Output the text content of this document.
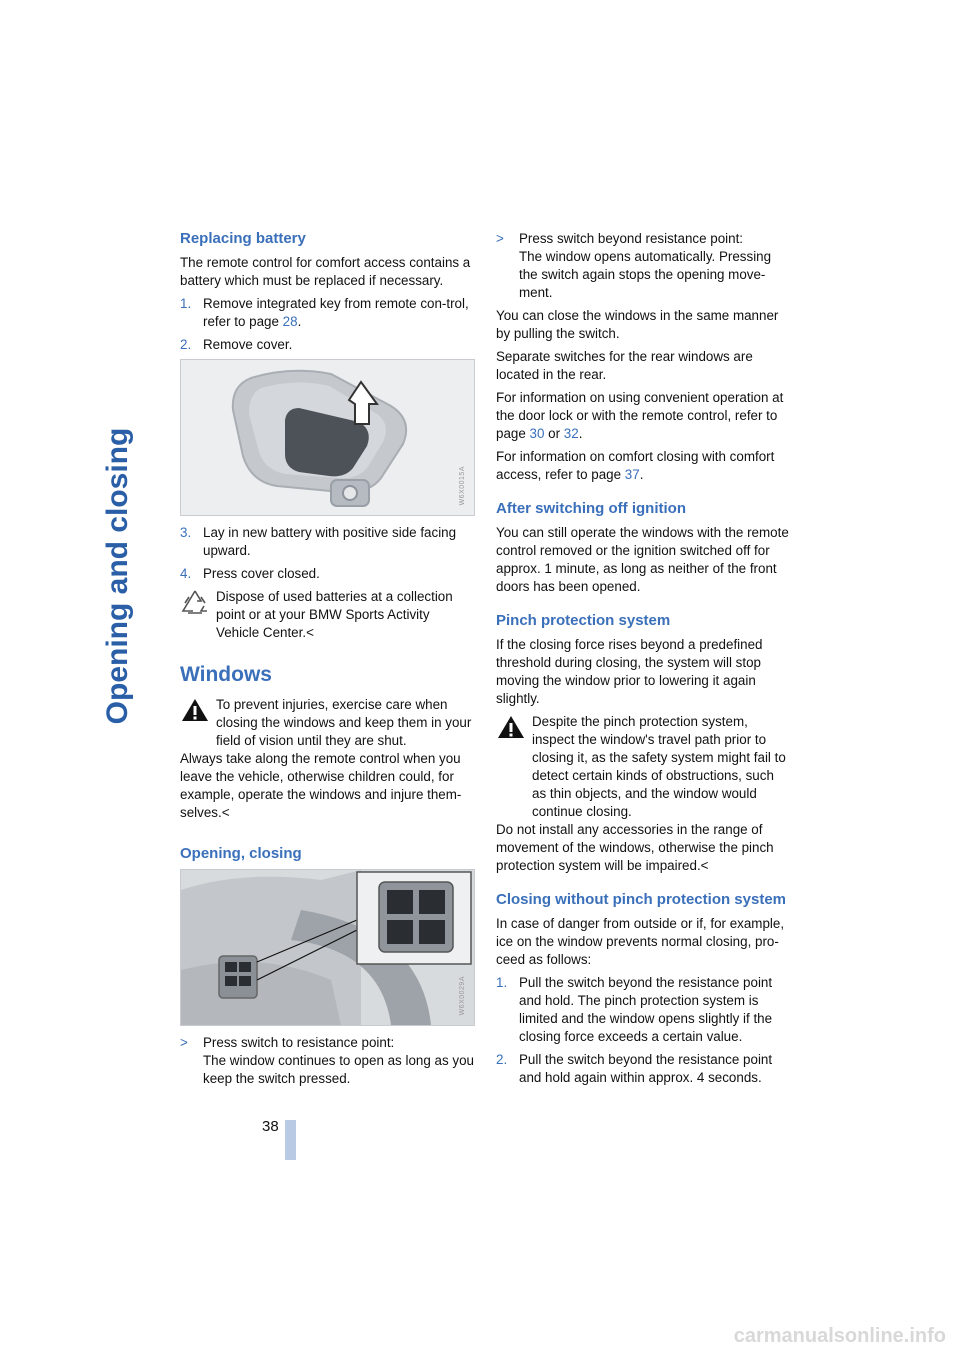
Opening and closing
Replacing battery

The remote control for comfort access contains a battery which must be replaced if necessary.

1. Remove integrated key from remote con-trol, refer to page 28.
2. Remove cover.
W6X0015A
3. Lay in new battery with positive side facing upward.
4. Press cover closed.
Dispose of used batteries at a collection point or at your BMW Sports Activity Vehicle Center.<
Windows
To prevent injuries, exercise care when closing the windows and keep them in your field of vision until they are shut.
Always take along the remote control when you leave the vehicle, otherwise children could, for example, operate the windows and injure them-selves.<
Opening, closing
W6X0029A
> Press switch to resistance point:
The window continues to open as long as you keep the switch pressed.
> Press switch beyond resistance point:
The window opens automatically. Pressing the switch again stops the opening move-ment.

You can close the windows in the same manner by pulling the switch.

Separate switches for the rear windows are located in the rear.

For information on using convenient operation at the door lock or with the remote control, refer to page 30 or 32.

For information on comfort closing with comfort access, refer to page 37.

After switching off ignition

You can still operate the windows with the remote control removed or the ignition switched off for approx. 1 minute, as long as neither of the front doors has been opened.

Pinch protection system

If the closing force rises beyond a predefined threshold during closing, the system will stop moving the window prior to lowering it again slightly.

Despite the pinch protection system, inspect the window's travel path prior to closing it, as the safety system might fail to detect certain kinds of obstructions, such as thin objects, and the window would continue closing.
Do not install any accessories in the range of movement of the windows, otherwise the pinch protection system will be impaired.<
Closing without pinch protection system

In case of danger from outside or if, for example, ice on the window prevents normal closing, pro-ceed as follows:

1. Pull the switch beyond the resistance point and hold. The pinch protection system is limited and the window opens slightly if the closing force exceeds a certain value.
2. Pull the switch beyond the resistance point and hold again within approx. 4 seconds.
38
carmanualsonline.info
